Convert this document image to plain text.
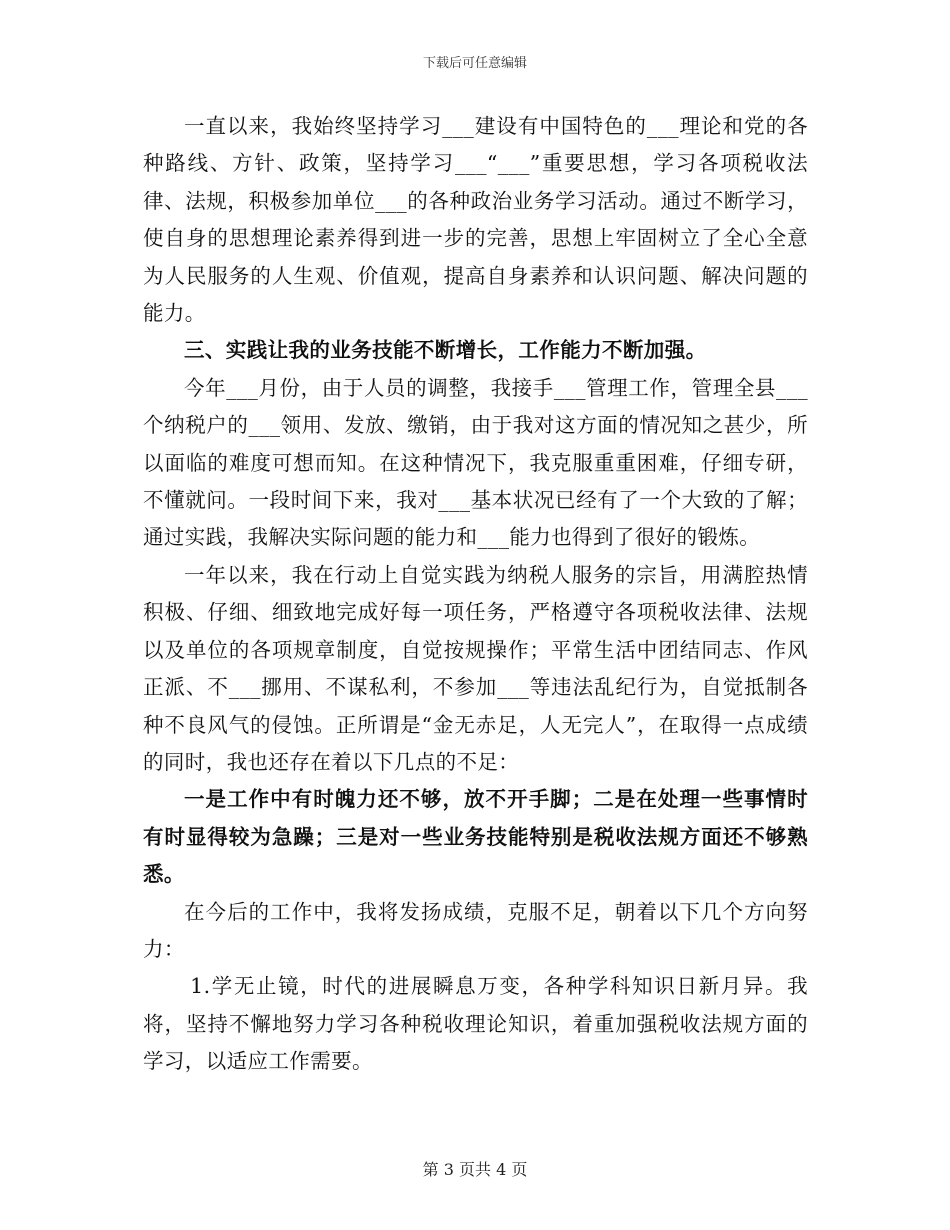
下载后可任意编辑

一直以来，我始终坚持学习___建设有中国特色的___理论和党的各种路线、方针、政策，坚持学习___“___”重要思想，学习各项税收法律、法规，积极参加单位___的各种政治业务学习活动。通过不断学习，使自身的思想理论素养得到进一步的完善，思想上牢固树立了全心全意为人民服务的人生观、价值观，提高自身素养和认识问题、解决问题的能力。

三、实践让我的业务技能不断增长，工作能力不断加强。

今年___月份，由于人员的调整，我接手___管理工作，管理全县___个纳税户的___领用、发放、缴销，由于我对这方面的情况知之甚少，所以面临的难度可想而知。在这种情况下，我克服重重困难，仔细专研，不懂就问。一段时间下来，我对___基本状况已经有了一个大致的了解；通过实践，我解决实际问题的能力和___能力也得到了很好的锻炼。

一年以来，我在行动上自觉实践为纳税人服务的宗旨，用满腔热情积极、仔细、细致地完成好每一项任务，严格遵守各项税收法律、法规以及单位的各项规章制度，自觉按规操作；平常生活中团结同志、作风正派、不___挪用、不谋私利，不参加___等违法乱纪行为，自觉抵制各种不良风气的侵蚀。正所谓是“金无赤足，人无完人”，在取得一点成绩的同时，我也还存在着以下几点的不足：

一是工作中有时魄力还不够，放不开手脚；二是在处理一些事情时有时显得较为急躁；三是对一些业务技能特别是税收法规方面还不够熟悉。

在今后的工作中，我将发扬成绩，克服不足，朝着以下几个方向努力：

1.学无止镜，时代的进展瞬息万变，各种学科知识日新月异。我将，坚持不懈地努力学习各种税收理论知识，着重加强税收法规方面的学习，以适应工作需要。

第 3 页共 4 页
